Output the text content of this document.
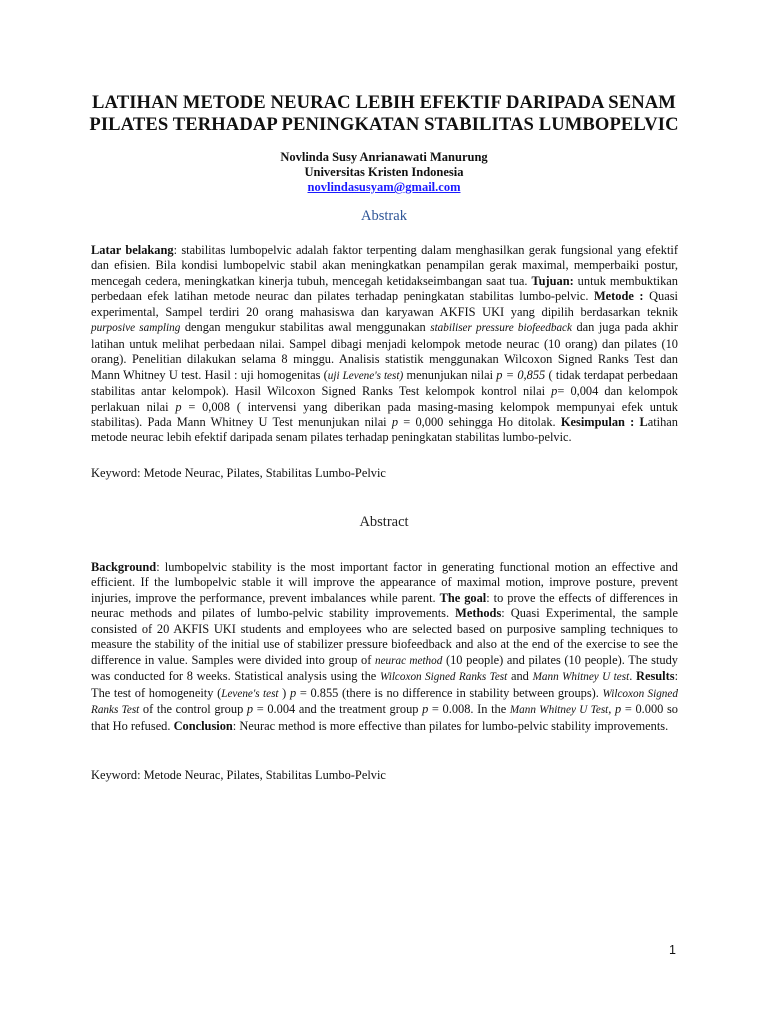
LATIHAN METODE NEURAC LEBIH EFEKTIF DARIPADA SENAM
PILATES TERHADAP PENINGKATAN STABILITAS LUMBOPELVIC
Novlinda Susy Anrianawati Manurung
Universitas Kristen Indonesia
novlindasusyam@gmail.com
Abstrak
Latar belakang: stabilitas lumbopelvic adalah faktor terpenting dalam menghasilkan gerak fungsional yang efektif dan efisien. Bila kondisi lumbopelvic stabil akan meningkatkan penampilan gerak maximal, memperbaiki postur, mencegah cedera, meningkatkan kinerja tubuh, mencegah ketidakseimbangan saat tua. Tujuan: untuk membuktikan perbedaan efek latihan metode neurac dan pilates terhadap peningkatan stabilitas lumbo-pelvic. Metode : Quasi experimental, Sampel terdiri 20 orang mahasiswa dan karyawan AKFIS UKI yang dipilih berdasarkan teknik purposive sampling dengan mengukur stabilitas awal menggunakan stabiliser pressure biofeedback dan juga pada akhir latihan untuk melihat perbedaan nilai. Sampel dibagi menjadi kelompok metode neurac (10 orang) dan pilates (10 orang). Penelitian dilakukan selama 8 minggu. Analisis statistik menggunakan Wilcoxon Signed Ranks Test dan Mann Whitney U test. Hasil : uji homogenitas (uji Levene's test) menunjukan nilai p = 0,855 ( tidak terdapat perbedaan stabilitas antar kelompok). Hasil Wilcoxon Signed Ranks Test kelompok kontrol nilai p= 0,004 dan kelompok perlakuan nilai p = 0,008 ( intervensi yang diberikan pada masing-masing kelompok mempunyai efek untuk stabilitas). Pada Mann Whitney U Test menunjukan nilai p = 0,000 sehingga Ho ditolak. Kesimpulan : Latihan metode neurac lebih efektif daripada senam pilates terhadap peningkatan stabilitas lumbo-pelvic.
Keyword: Metode Neurac, Pilates, Stabilitas Lumbo-Pelvic
Abstract
Background: lumbopelvic stability is the most important factor in generating functional motion an effective and efficient. If the lumbopelvic stable it will improve the appearance of maximal motion, improve posture, prevent injuries, improve the performance, prevent imbalances while parent. The goal: to prove the effects of differences in neurac methods and pilates of lumbo-pelvic stability improvements. Methods: Quasi Experimental, the sample consisted of 20 AKFIS UKI students and employees who are selected based on purposive sampling techniques to measure the stability of the initial use of stabilizer pressure biofeedback and also at the end of the exercise to see the difference in value. Samples were divided into group of neurac method (10 people) and pilates (10 people). The study was conducted for 8 weeks. Statistical analysis using the Wilcoxon Signed Ranks Test and Mann Whitney U test. Results: The test of homogeneity (Levene's test ) p = 0.855 (there is no difference in stability between groups). Wilcoxon Signed Ranks Test of the control group p = 0.004 and the treatment group p = 0.008. In the Mann Whitney U Test, p = 0.000 so that Ho refused. Conclusion: Neurac method is more effective than pilates for lumbo-pelvic stability improvements.
Keyword: Metode Neurac, Pilates, Stabilitas Lumbo-Pelvic
1
